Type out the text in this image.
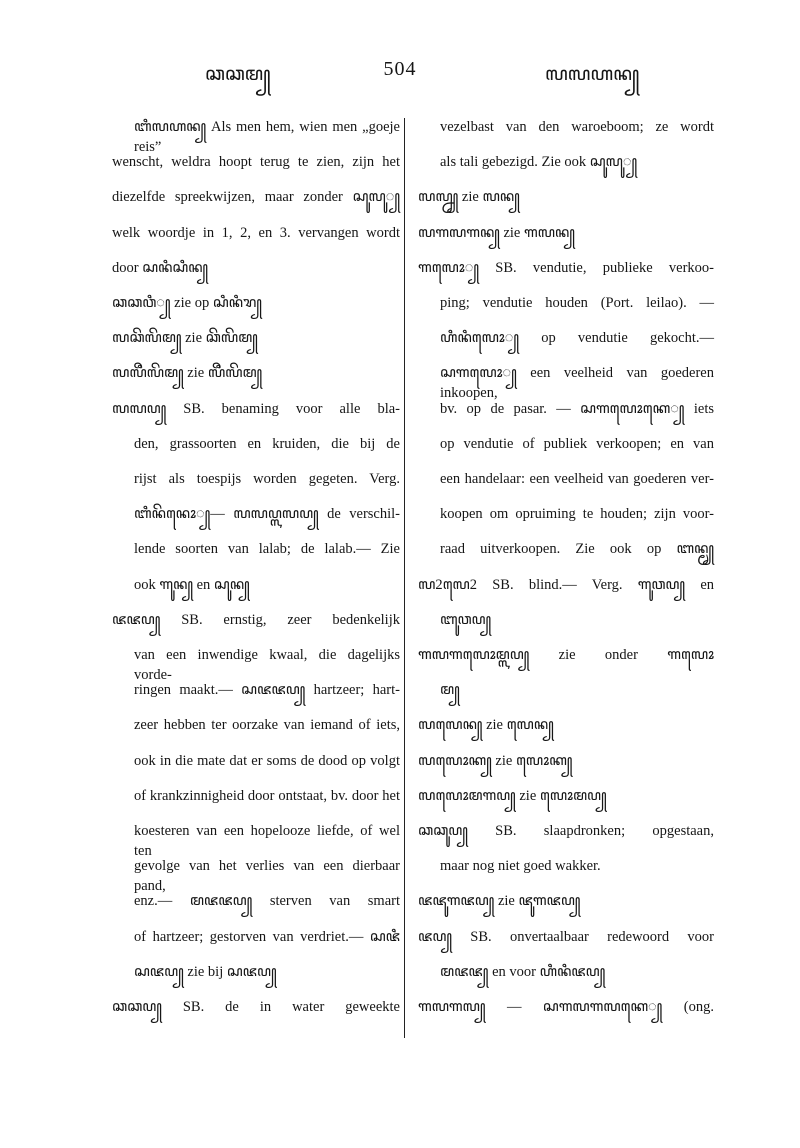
ꦕꦕꦩ꧀	504	ꦭꦭꦲꦤ꧀
ꦧꦶꦭꦲꦤ꧀ Als men hem, wien men „goeje reis”
wenscht, weldra hoopt terug te zien, zijn het
diezelfde spreekwijzen, maar zonder ꦱꦸꦭꦸ꧀
welk woordje in 1, 2, en 3. vervangen wordt
door ꦱꦤꦶꦱꦶꦤ꧀
ꦕꦕꦮꦶ꧀ zie op ꦱꦶꦤꦶꦫ꧀
ꦭꦕꦼꦭꦼꦩ꧀ zie ꦕꦼꦭꦼꦩ꧀
ꦭꦭꦶꦼꦭꦼꦩ꧀ zie ꦭꦶꦼꦭꦼꦩ꧀
ꦭꦭꦥ꧀ SB. benaming voor alle bla-
den, grassoorten en kruiden, die bij de
rijst als toespijs worden gegeten. Verg.
ꦧꦶꦤꦼꦤꦺꦴ꧀— ꦭꦭꦥ꧀ꦭꦭꦥ꧀ de verschil-
lende soorten van lalab; de lalab.— Zie
ook ꦒꦸꦤ꧀ en ꦱꦸꦤ꧀
ꦗꦗꦥ꧀ SB. ernstig, zeer bedenkelijk
van een inwendige kwaal, die dagelijks vorde-
ringen maakt.— ꦱꦗꦗꦥ꧀ hartzeer; hart-
zeer hebben ter oorzake van iemand of iets,
ook in die mate dat er soms de dood op volgt
of krankzinnigheid door ontstaat, bv. door het
koesteren van een hopelooze liefde, of wel ten
gevolge van het verlies van een dierbaar pand,
enz.— ꦩꦗꦗꦥ꧀ sterven van smart
of hartzeer; gestorven van verdriet.— ꦱꦗꦶ
ꦱꦗꦥ꧀ zie bij ꦱꦗꦥ꧀
ꦕꦕꦥ꧀ SB. de in water geweekte
vezelbast van den waroeboom; ze wordt
als tali gebezigd. Zie ook ꦱꦸꦭꦸ꧀
ꦭꦭ꧀ꦤ꧀ zie ꦭꦤ꧀
ꦭꦒꦭꦒꦤ꧀ zie ꦒꦭꦤ꧀
ꦒꦭꦺꦴ꧀ SB. vendutie, publieke verkoo-
ping; vendutie houden (Port. leilao). —
ꦲꦶꦤꦶꦭꦺꦴ꧀ op vendutie gekocht.—
ꦱꦒꦭꦺꦴ꧀ een veelheid van goederen inkoopen,
bv. op de pasar. — ꦱꦒꦭꦺꦴꦏꦺ꧀ iets
op vendutie of publiek verkoopen; en van
een handelaar: een veelheid van goederen ver-
koopen om opruiming te houden; zijn voor-
raad uitverkoopen. Zie ook op ꦧꦤ꧀ꦩ꧀
ꦭ2ꦭꦺ2 SB. blind.— Verg. ꦒꦸꦮꦥ꧀ en
ꦧꦸꦮꦥ꧀
ꦒꦭꦒꦭꦺꦴꦩ꧀ꦭꦥ꧀ zie onder ꦒꦭꦺꦴ
ꦩ꧀
ꦭꦭꦺꦤ꧀ zie ꦭꦺꦤ꧀
ꦭꦭꦺꦴꦏ꧀ zie ꦭꦺꦴꦏ꧀
ꦭꦭꦺꦴꦩꦒꦥ꧀ zie ꦭꦺꦴꦩꦥ꧀
ꦕꦕꦸꦥ꧀ SB. slaapdronken; opgestaan,
maar nog niet goed wakker.
ꦗꦗꦸꦒꦗꦥ꧀ zie ꦗꦸꦒꦗꦥ꧀
ꦗꦥ꧀ SB. onvertaalbaar redewoord voor
ꦩꦗꦗ꧀ en voor ꦲꦶꦤꦶꦗꦥ꧀
ꦒꦭꦒꦭ꧀ — ꦱꦒꦭꦒꦭꦏꦺ꧀ (ong.
